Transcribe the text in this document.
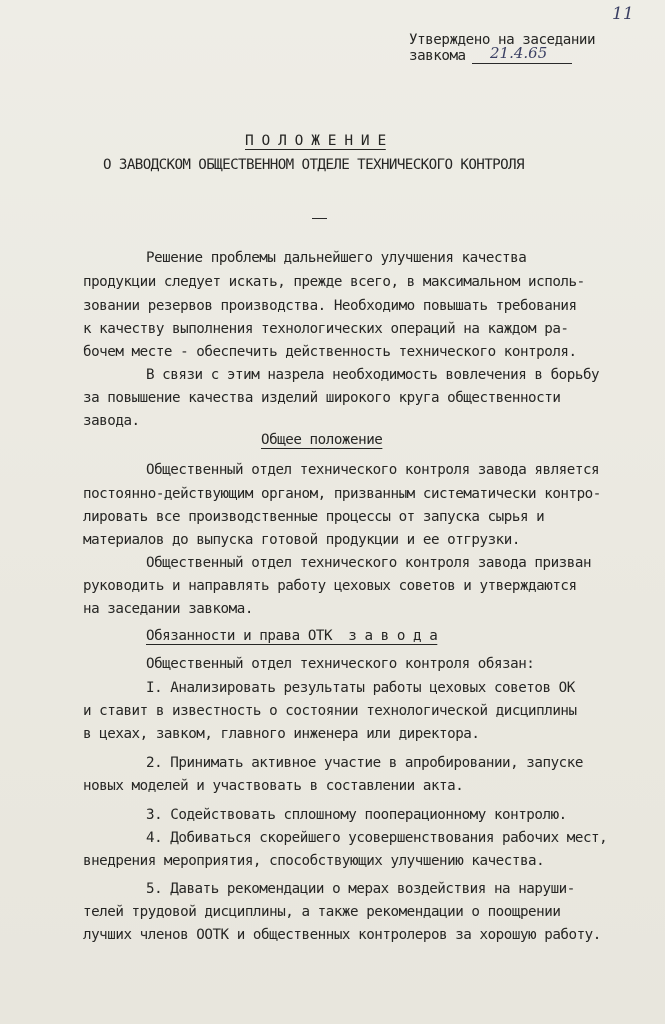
11
Утверждено на заседании
завкома 21.4.65
П О Л О Ж Е Н И Е
О ЗАВОДСКОМ ОБЩЕСТВЕННОМ ОТДЕЛЕ ТЕХНИЧЕСКОГО КОНТРОЛЯ
Решение проблемы дальнейшего улучшения качества
продукции следует искать, прежде всего, в максимальном исполь-
зовании резервов производства. Необходимо повышать требования
к качеству выполнения технологических операций на каждом ра-
бочем месте - обеспечить действенность технического контроля.
В связи с этим назрела необходимость вовлечения в борьбу
за повышение качества изделий широкого круга общественности
завода.
Общее положение
Общественный отдел технического контроля завода является
постоянно-действующим органом, призванным систематически контро-
лировать все производственные процессы от запуска сырья и
материалов до выпуска готовой продукции и ее отгрузки.
Общественный отдел технического контроля завода призван
руководить и направлять работу цеховых советов и утверждаются
на заседании завкома.
Обязанности и права ОТК  з а в о д а
Общественный отдел технического контроля обязан:
I. Анализировать результаты работы цеховых советов ОК
и ставит в известность о состоянии технологической дисциплины
в цехах, завком, главного инженера или директора.
2. Принимать активное участие в апробировании, запуске
новых моделей и участвовать в составлении акта.
3. Содействовать сплошному пооперационному контролю.
4. Добиваться скорейшего усовершенствования рабочих мест,
внедрения мероприятия, способствующих улучшению качества.
5. Давать рекомендации о мерах воздействия на наруши-
телей трудовой дисциплины, а также рекомендации о поощрении
лучших членов ООТК и общественных контролеров за хорошую работу.
